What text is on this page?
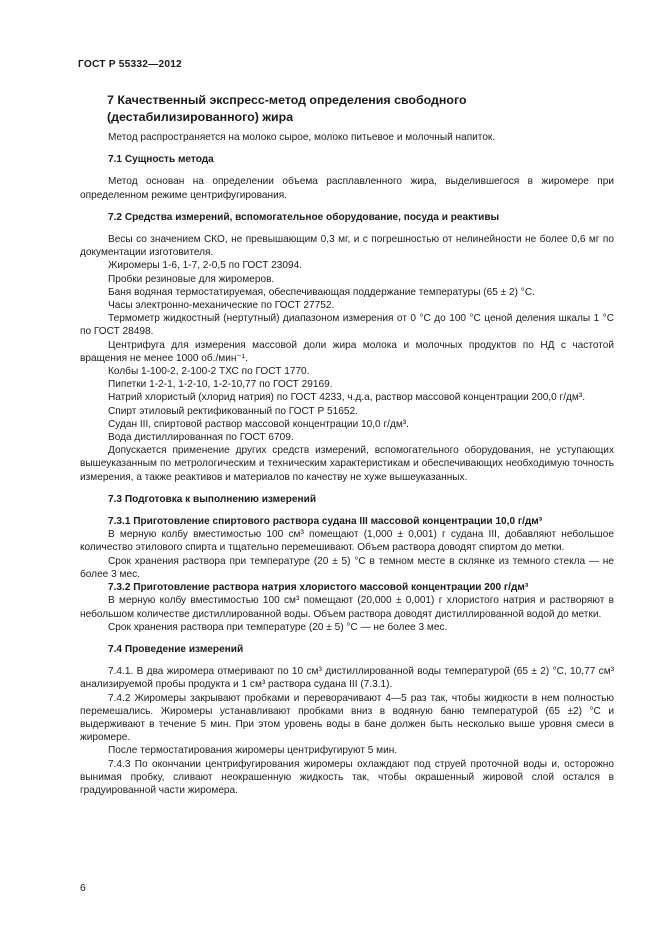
ГОСТ Р 55332—2012
7 Качественный экспресс-метод определения свободного
(дестабилизированного) жира

Метод распространяется на молоко сырое, молоко питьевое и молочный напиток.

7.1 Сущность метода

Метод основан на определении объема расплавленного жира, выделившегося в жиромере при определенном режиме центрифугирования.

7.2 Средства измерений, вспомогательное оборудование, посуда и реактивы

Весы со значением СКО, не превышающим 0,3 мг, и с погрешностью от нелинейности не более 0,6 мг по документации изготовителя.

Жиромеры 1-6, 1-7, 2-0,5 по ГОСТ 23094.

Пробки резиновые для жиромеров.

Баня водяная термостатируемая, обеспечивающая поддержание температуры (65 ± 2) °С.

Часы электронно-механические по ГОСТ 27752.

Термометр жидкостный (нертутный) диапазоном измерения от 0 °С до 100 °С ценой деления шкалы 1 °С по ГОСТ 28498.

Центрифуга для измерения массовой доли жира молока и молочных продуктов по НД с частотой вращения не менее 1000 об./мин⁻¹.

Колбы 1-100-2, 2-100-2 ТХС по ГОСТ 1770.

Пипетки 1-2-1, 1-2-10, 1-2-10,77 по ГОСТ 29169.

Натрий хлористый (хлорид натрия) по ГОСТ 4233, ч.д.а, раствор массовой концентрации 200,0 г/дм³.

Спирт этиловый ректификованный по ГОСТ Р 51652.

Судан III, спиртовой раствор массовой концентрации 10,0 г/дм³.

Вода дистиллированная по ГОСТ 6709.

Допускается применение других средств измерений, вспомогательного оборудования, не уступающих вышеуказанным по метрологическим и техническим характеристикам и обеспечивающих необходимую точность измерения, а также реактивов и материалов по качеству не хуже вышеуказанных.

7.3 Подготовка к выполнению измерений

7.3.1 Приготовление спиртового раствора судана III массовой концентрации 10,0 г/дм³

В мерную колбу вместимостью 100 см³ помещают (1,000 ± 0,001) г судана III, добавляют небольшое количество этилового спирта и тщательно перемешивают. Объем раствора доводят спиртом до метки.

Срок хранения раствора при температуре (20 ± 5) °С в темном месте в склянке из темного стекла — не более 3 мес.

7.3.2 Приготовление раствора натрия хлористого массовой концентрации 200 г/дм³

В мерную колбу вместимостью 100 см³ помещают (20,000 ± 0,001) г хлористого натрия и растворяют в небольшом количестве дистиллированной воды. Объем раствора доводят дистиллированной водой до метки.

Срок хранения раствора при температуре (20 ± 5) °С — не более 3 мес.

7.4 Проведение измерений

7.4.1. В два жиромера отмеривают по 10 см³ дистиллированной воды температурой (65 ± 2) °С, 10,77 см³ анализируемой пробы продукта и 1 см³ раствора судана III (7.3.1).

7.4.2 Жиромеры закрывают пробками и переворачивают 4—5 раз так, чтобы жидкости в нем полностью перемешались. Жиромеры устанавливают пробками вниз в водяную баню температурой (65 ±2) °С и выдерживают в течение 5 мин. При этом уровень воды в бане должен быть несколько выше уровня смеси в жиромере.

После термостатирования жиромеры центрифугируют 5 мин.

7.4.3 По окончании центрифугирования жиромеры охлаждают под струей проточной воды и, осторожно вынимая пробку, сливают неокрашенную жидкость так, чтобы окрашенный жировой слой остался в градуированной части жиромера.

6
